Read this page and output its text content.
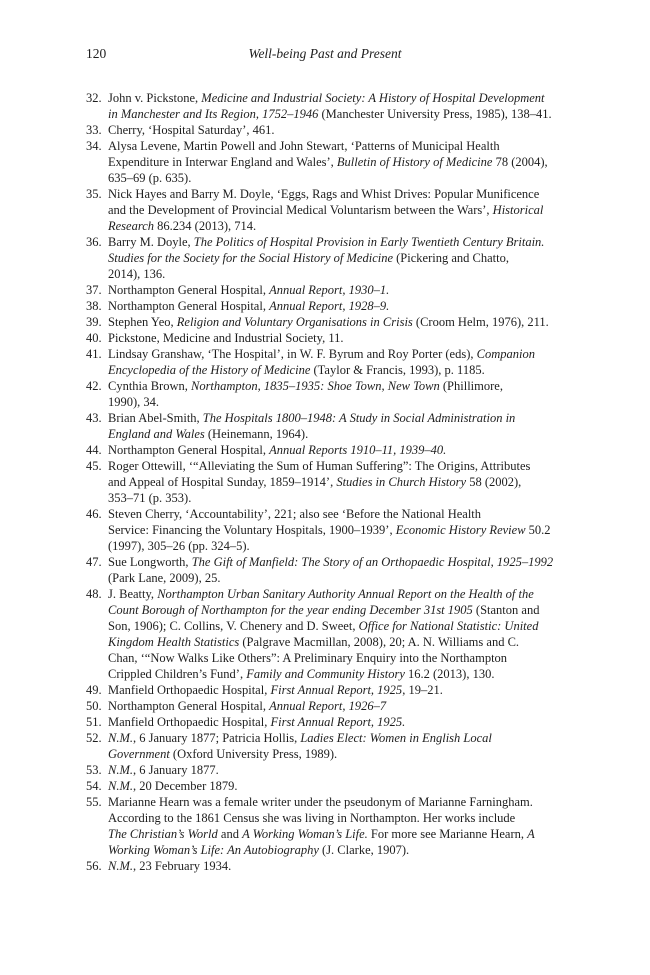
120	Well-being Past and Present
32. John v. Pickstone, Medicine and Industrial Society: A History of Hospital Development
in Manchester and Its Region, 1752–1946 (Manchester University Press, 1985), 138–41.
33. Cherry, ‘Hospital Saturday’, 461.
34. Alysa Levene, Martin Powell and John Stewart, ‘Patterns of Municipal Health
Expenditure in Interwar England and Wales’, Bulletin of History of Medicine 78 (2004),
635–69 (p. 635).
35. Nick Hayes and Barry M. Doyle, ‘Eggs, Rags and Whist Drives: Popular Munificence
and the Development of Provincial Medical Voluntarism between the Wars’, Historical
Research 86.234 (2013), 714.
36. Barry M. Doyle, The Politics of Hospital Provision in Early Twentieth Century Britain.
Studies for the Society for the Social History of Medicine (Pickering and Chatto,
2014), 136.
37. Northampton General Hospital, Annual Report, 1930–1.
38. Northampton General Hospital, Annual Report, 1928–9.
39. Stephen Yeo, Religion and Voluntary Organisations in Crisis (Croom Helm, 1976), 211.
40. Pickstone, Medicine and Industrial Society, 11.
41. Lindsay Granshaw, ‘The Hospital’, in W. F. Byrum and Roy Porter (eds), Companion
Encyclopedia of the History of Medicine (Taylor & Francis, 1993), p. 1185.
42. Cynthia Brown, Northampton, 1835–1935: Shoe Town, New Town (Phillimore,
1990), 34.
43. Brian Abel-Smith, The Hospitals 1800–1948: A Study in Social Administration in
England and Wales (Heinemann, 1964).
44. Northampton General Hospital, Annual Reports 1910–11, 1939–40.
45. Roger Ottewill, ‘“Alleviating the Sum of Human Suffering”: The Origins, Attributes
and Appeal of Hospital Sunday, 1859–1914’, Studies in Church History 58 (2002),
353–71 (p. 353).
46. Steven Cherry, ‘Accountability’, 221; also see ‘Before the National Health
Service: Financing the Voluntary Hospitals, 1900–1939’, Economic History Review 50.2
(1997), 305–26 (pp. 324–5).
47. Sue Longworth, The Gift of Manfield: The Story of an Orthopaedic Hospital, 1925–1992
(Park Lane, 2009), 25.
48. J. Beatty, Northampton Urban Sanitary Authority Annual Report on the Health of the
Count Borough of Northampton for the year ending December 31st 1905 (Stanton and
Son, 1906); C. Collins, V. Chenery and D. Sweet, Office for National Statistic: United
Kingdom Health Statistics (Palgrave Macmillan, 2008), 20; A. N. Williams and C.
Chan, ‘“Now Walks Like Others”: A Preliminary Enquiry into the Northampton
Crippled Children’s Fund’, Family and Community History 16.2 (2013), 130.
49. Manfield Orthopaedic Hospital, First Annual Report, 1925, 19–21.
50. Northampton General Hospital, Annual Report, 1926–7
51. Manfield Orthopaedic Hospital, First Annual Report, 1925.
52. N.M., 6 January 1877; Patricia Hollis, Ladies Elect: Women in English Local
Government (Oxford University Press, 1989).
53. N.M., 6 January 1877.
54. N.M., 20 December 1879.
55. Marianne Hearn was a female writer under the pseudonym of Marianne Farningham.
According to the 1861 Census she was living in Northampton. Her works include
The Christian’s World and A Working Woman’s Life. For more see Marianne Hearn, A
Working Woman’s Life: An Autobiography (J. Clarke, 1907).
56. N.M., 23 February 1934.
